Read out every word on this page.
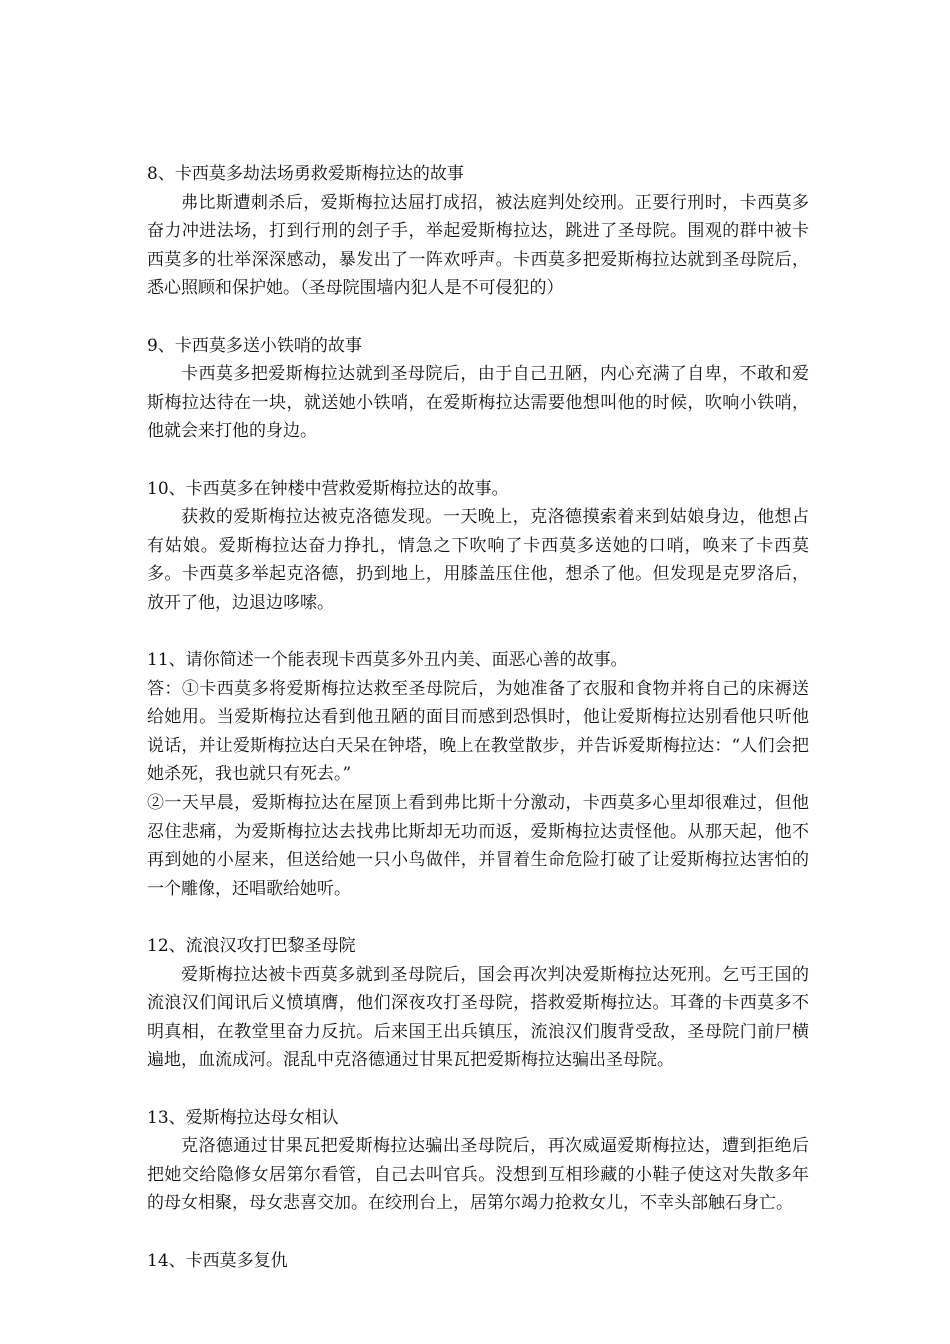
8、卡西莫多劫法场勇救爱斯梅拉达的故事
弗比斯遭刺杀后，爱斯梅拉达屈打成招，被法庭判处绞刑。正要行刑时，卡西莫多奋力冲进法场，打到行刑的刽子手，举起爱斯梅拉达，跳进了圣母院。围观的群中被卡西莫多的壮举深深感动，暴发出了一阵欢呼声。卡西莫多把爱斯梅拉达就到圣母院后，悉心照顾和保护她。（圣母院围墙内犯人是不可侵犯的）
9、卡西莫多送小铁哨的故事
卡西莫多把爱斯梅拉达就到圣母院后，由于自己丑陋，内心充满了自卑，不敢和爱斯梅拉达待在一块，就送她小铁哨，在爱斯梅拉达需要他想叫他的时候，吹响小铁哨，他就会来打他的身边。
10、卡西莫多在钟楼中营救爱斯梅拉达的故事。
获救的爱斯梅拉达被克洛德发现。一天晚上，克洛德摸索着来到姑娘身边，他想占有姑娘。爱斯梅拉达奋力挣扎，情急之下吹响了卡西莫多送她的口哨，唤来了卡西莫多。卡西莫多举起克洛德，扔到地上，用膝盖压住他，想杀了他。但发现是克罗洛后，放开了他，边退边哆嗦。
11、请你简述一个能表现卡西莫多外丑内美、面恶心善的故事。
答：①卡西莫多将爱斯梅拉达救至圣母院后，为她准备了衣服和食物并将自己的床褥送给她用。当爱斯梅拉达看到他丑陋的面目而感到恐惧时，他让爱斯梅拉达别看他只听他说话，并让爱斯梅拉达白天呆在钟塔，晚上在教堂散步，并告诉爱斯梅拉达：“人们会把她杀死，我也就只有死去。”
②一天早晨，爱斯梅拉达在屋顶上看到弗比斯十分激动，卡西莫多心里却很难过，但他忍住悲痛，为爱斯梅拉达去找弗比斯却无功而返，爱斯梅拉达责怪他。从那天起，他不再到她的小屋来，但送给她一只小鸟做伴，并冒着生命危险打破了让爱斯梅拉达害怕的一个雕像，还唱歌给她听。
12、流浪汉攻打巴黎圣母院
爱斯梅拉达被卡西莫多就到圣母院后，国会再次判决爱斯梅拉达死刑。乞丐王国的流浪汉们闻讯后义愤填膺，他们深夜攻打圣母院，搭救爱斯梅拉达。耳聋的卡西莫多不明真相，在教堂里奋力反抗。后来国王出兵镇压，流浪汉们腹背受敌，圣母院门前尸横遍地，血流成河。混乱中克洛德通过甘果瓦把爱斯梅拉达骗出圣母院。
13、爱斯梅拉达母女相认
克洛德通过甘果瓦把爱斯梅拉达骗出圣母院后，再次威逼爱斯梅拉达，遭到拒绝后把她交给隐修女居第尔看管，自己去叫官兵。没想到互相珍藏的小鞋子使这对失散多年的母女相聚，母女悲喜交加。在绞刑台上，居第尔竭力抢救女儿，不幸头部触石身亡。
14、卡西莫多复仇
